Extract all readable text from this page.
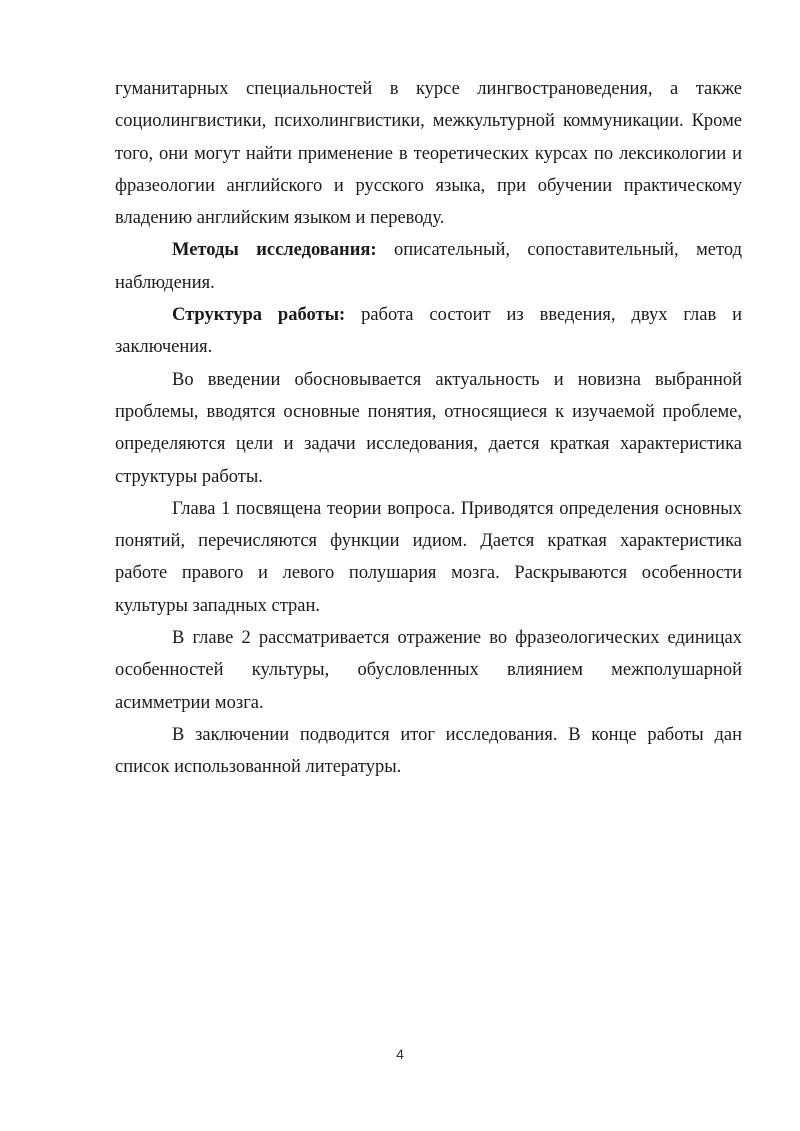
гуманитарных специальностей в курсе лингвострановедения, а также социолингвистики, психолингвистики, межкультурной коммуникации. Кроме того, они могут найти применение в теоретических курсах по лексикологии и фразеологии английского и русского языка, при обучении практическому владению английским языком и переводу.

Методы исследования: описательный, сопоставительный, метод наблюдения.

Структура работы: работа состоит из введения, двух глав и заключения.

Во введении обосновывается актуальность и новизна выбранной проблемы, вводятся основные понятия, относящиеся к изучаемой проблеме, определяются цели и задачи исследования, дается краткая характеристика структуры работы.

Глава 1 посвящена теории вопроса. Приводятся определения основных понятий, перечисляются функции идиом. Дается краткая характеристика работе правого и левого полушария мозга. Раскрываются особенности культуры западных стран.

В главе 2 рассматривается отражение во фразеологических единицах особенностей культуры, обусловленных влиянием межполушарной асимметрии мозга.

В заключении подводится итог исследования. В конце работы дан список использованной литературы.

4
